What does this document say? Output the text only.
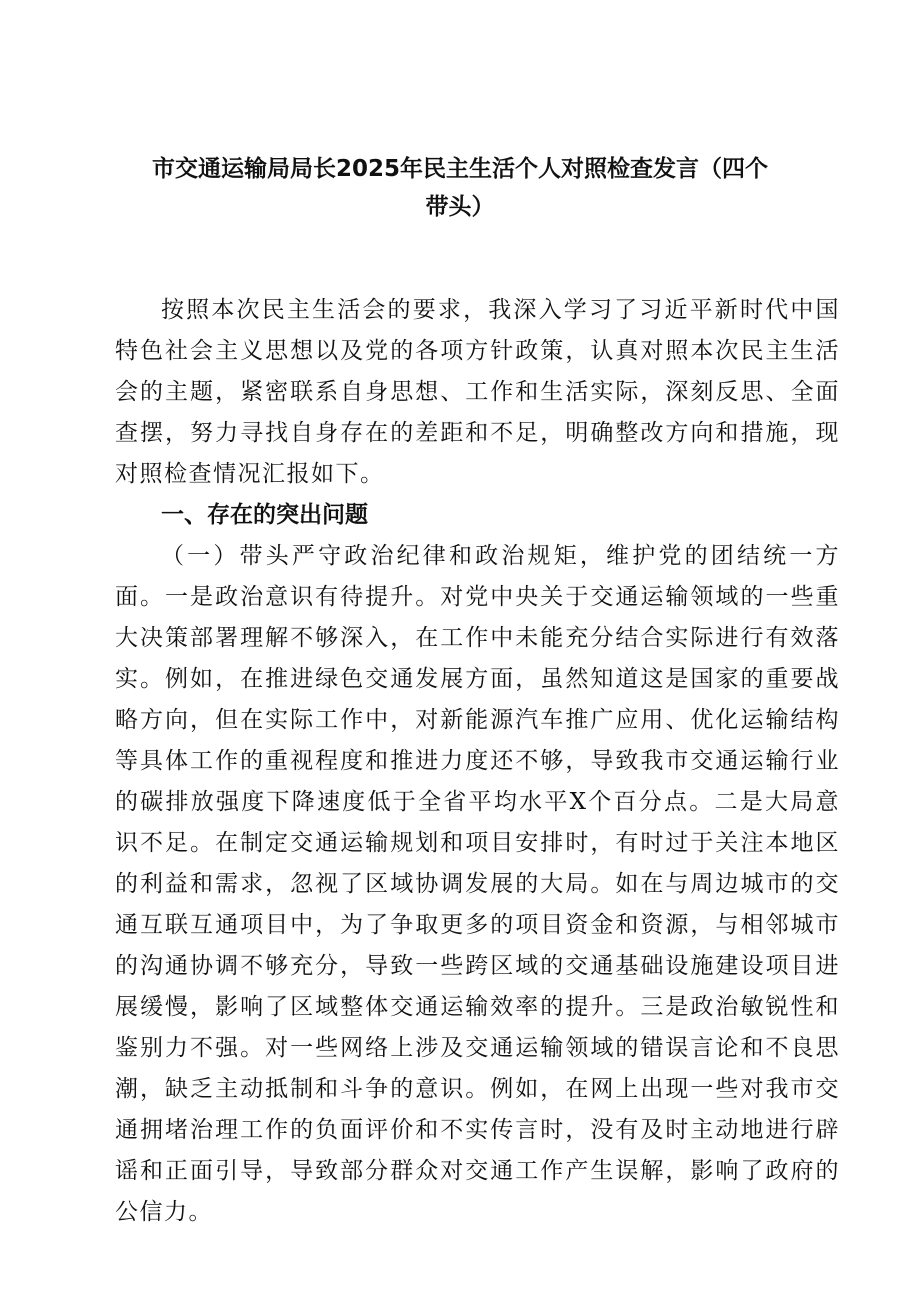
市交通运输局局长2025年民主生活个人对照检查发言（四个
带头）

按照本次民主生活会的要求，我深入学习了习近平新时代中国特色社会主义思想以及党的各项方针政策，认真对照本次民主生活会的主题，紧密联系自身思想、工作和生活实际，深刻反思、全面查摆，努力寻找自身存在的差距和不足，明确整改方向和措施，现对照检查情况汇报如下。

一、存在的突出问题

（一）带头严守政治纪律和政治规矩，维护党的团结统一方面。一是政治意识有待提升。对党中央关于交通运输领域的一些重大决策部署理解不够深入，在工作中未能充分结合实际进行有效落实。例如，在推进绿色交通发展方面，虽然知道这是国家的重要战略方向，但在实际工作中，对新能源汽车推广应用、优化运输结构等具体工作的重视程度和推进力度还不够，导致我市交通运输行业的碳排放强度下降速度低于全省平均水平X个百分点。二是大局意识不足。在制定交通运输规划和项目安排时，有时过于关注本地区的利益和需求，忽视了区域协调发展的大局。如在与周边城市的交通互联互通项目中，为了争取更多的项目资金和资源，与相邻城市的沟通协调不够充分，导致一些跨区域的交通基础设施建设项目进展缓慢，影响了区域整体交通运输效率的提升。三是政治敏锐性和鉴别力不强。对一些网络上涉及交通运输领域的错误言论和不良思潮，缺乏主动抵制和斗争的意识。例如，在网上出现一些对我市交通拥堵治理工作的负面评价和不实传言时，没有及时主动地进行辟谣和正面引导，导致部分群众对交通工作产生误解，影响了政府的公信力。
